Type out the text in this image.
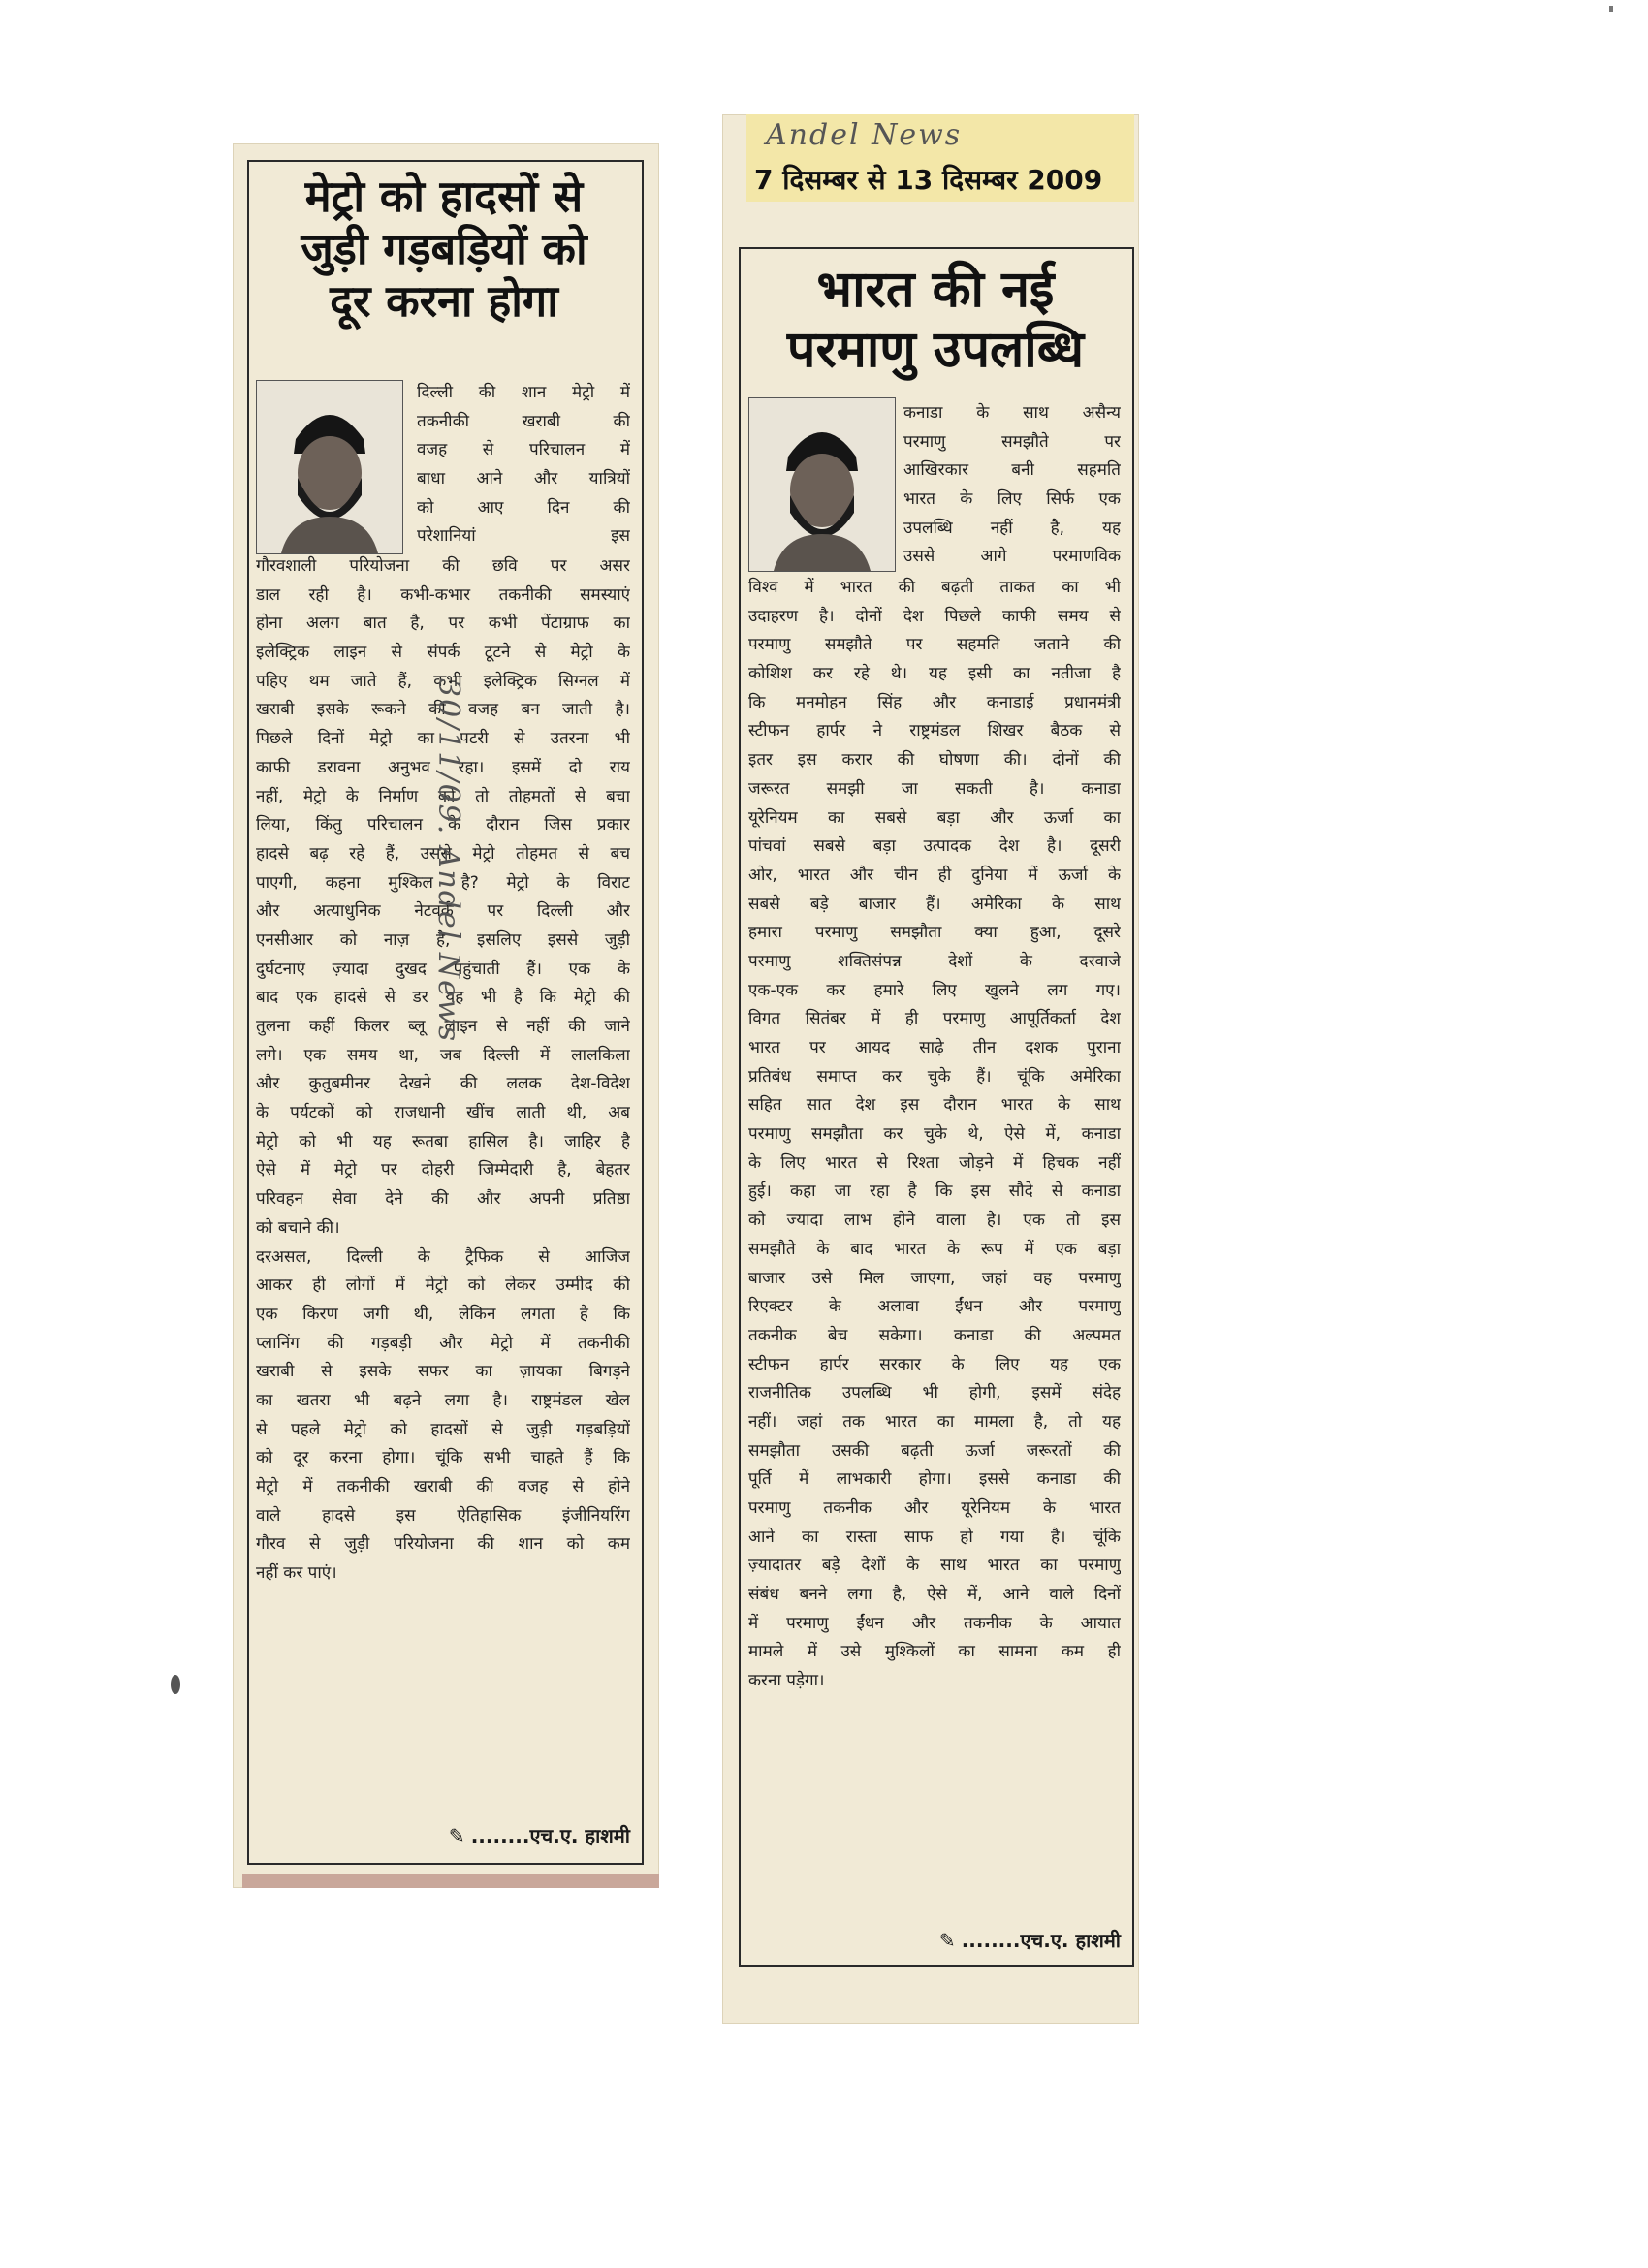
मेट्रो को हादसों से
जुड़ी गड़बड़ियों को
दूर करना होगा
दिल्ली की शान मेट्रो में
तकनीकी खराबी की
वजह से परिचालन में
बाधा आने और यात्रियों
को आए दिन की
परेशानियां इस
गौरवशाली परियोजना की छवि पर असर
डाल रही है। कभी-कभार तकनीकी समस्याएं
होना अलग बात है, पर कभी पेंटाग्राफ का
इलेक्ट्रिक लाइन से संपर्क टूटने से मेट्रो के
पहिए थम जाते हैं, कभी इलेक्ट्रिक सिग्नल में
खराबी इसके रूकने की वजह बन जाती है।
पिछले दिनों मेट्रो का पटरी से उतरना भी
काफी डरावना अनुभव रहा। इसमें दो राय
नहीं, मेट्रो के निर्माण को तो तोहमतों से बचा
लिया, किंतु परिचालन के दौरान जिस प्रकार
हादसे बढ़ रहे हैं, उससे मेट्रो तोहमत से बच
पाएगी, कहना मुश्किल है? मेट्रो के विराट
और अत्याधुनिक नेटवर्क पर दिल्ली और
एनसीआर को नाज़ है, इसलिए इससे जुड़ी
दुर्घटनाएं ज़्यादा दुखद पहुंचाती हैं। एक के
बाद एक हादसे से डर यह भी है कि मेट्रो की
तुलना कहीं किलर ब्लू लाइन से नहीं की जाने
लगे। एक समय था, जब दिल्ली में लालकिला
और कुतुबमीनर देखने की ललक देश-विदेश
के पर्यटकों को राजधानी खींच लाती थी, अब
मेट्रो को भी यह रूतबा हासिल है। जाहिर है
ऐसे में मेट्रो पर दोहरी जिम्मेदारी है, बेहतर
परिवहन सेवा देने की और अपनी प्रतिष्ठा
को बचाने की।
दरअसल, दिल्ली के ट्रैफिक से आजिज
आकर ही लोगों में मेट्रो को लेकर उम्मीद की
एक किरण जगी थी, लेकिन लगता है कि
प्लानिंग की गड़बड़ी और मेट्रो में तकनीकी
खराबी से इसके सफर का ज़ायका बिगड़ने
का खतरा भी बढ़ने लगा है। राष्ट्रमंडल खेल
से पहले मेट्रो को हादसों से जुड़ी गड़बड़ियों
को दूर करना होगा। चूंकि सभी चाहते हैं कि
मेट्रो में तकनीकी खराबी की वजह से होने
वाले हादसे इस ऐतिहासिक इंजीनियरिंग
गौरव से जुड़ी परियोजना की शान को कम
नहीं कर पाएं।
✎ ........एच.ए. हाशमी
30/11/09. Andel News
Andel News
7 दिसम्बर से 13 दिसम्बर 2009
भारत की नई
परमाणु उपलब्धि
कनाडा के साथ असैन्य
परमाणु समझौते पर
आखिरकार बनी सहमति
भारत के लिए सिर्फ एक
उपलब्धि नहीं है, यह
उससे आगे परमाणविक
विश्व में भारत की बढ़ती ताकत का भी
उदाहरण है। दोनों देश पिछले काफी समय से
परमाणु समझौते पर सहमति जताने की
कोशिश कर रहे थे। यह इसी का नतीजा है
कि मनमोहन सिंह और कनाडाई प्रधानमंत्री
स्टीफन हार्पर ने राष्ट्रमंडल शिखर बैठक से
इतर इस करार की घोषणा की। दोनों की
जरूरत समझी जा सकती है। कनाडा
यूरेनियम का सबसे बड़ा और ऊर्जा का
पांचवां सबसे बड़ा उत्पादक देश है। दूसरी
ओर, भारत और चीन ही दुनिया में ऊर्जा के
सबसे बड़े बाजार हैं। अमेरिका के साथ
हमारा परमाणु समझौता क्या हुआ, दूसरे
परमाणु शक्तिसंपन्न देशों के दरवाजे
एक-एक कर हमारे लिए खुलने लग गए।
विगत सितंबर में ही परमाणु आपूर्तिकर्ता देश
भारत पर आयद साढ़े तीन दशक पुराना
प्रतिबंध समाप्त कर चुके हैं। चूंकि अमेरिका
सहित सात देश इस दौरान भारत के साथ
परमाणु समझौता कर चुके थे, ऐसे में, कनाडा
के लिए भारत से रिश्ता जोड़ने में हिचक नहीं
हुई। कहा जा रहा है कि इस सौदे से कनाडा
को ज्यादा लाभ होने वाला है। एक तो इस
समझौते के बाद भारत के रूप में एक बड़ा
बाजार उसे मिल जाएगा, जहां वह परमाणु
रिएक्टर के अलावा ईंधन और परमाणु
तकनीक बेच सकेगा। कनाडा की अल्पमत
स्टीफन हार्पर सरकार के लिए यह एक
राजनीतिक उपलब्धि भी होगी, इसमें संदेह
नहीं। जहां तक भारत का मामला है, तो यह
समझौता उसकी बढ़ती ऊर्जा जरूरतों की
पूर्ति में लाभकारी होगा। इससे कनाडा की
परमाणु तकनीक और यूरेनियम के भारत
आने का रास्ता साफ हो गया है। चूंकि
ज़्यादातर बड़े देशों के साथ भारत का परमाणु
संबंध बनने लगा है, ऐसे में, आने वाले दिनों
में परमाणु ईंधन और तकनीक के आयात
मामले में उसे मुश्किलों का सामना कम ही
करना पड़ेगा।
✎ ........एच.ए. हाशमी
